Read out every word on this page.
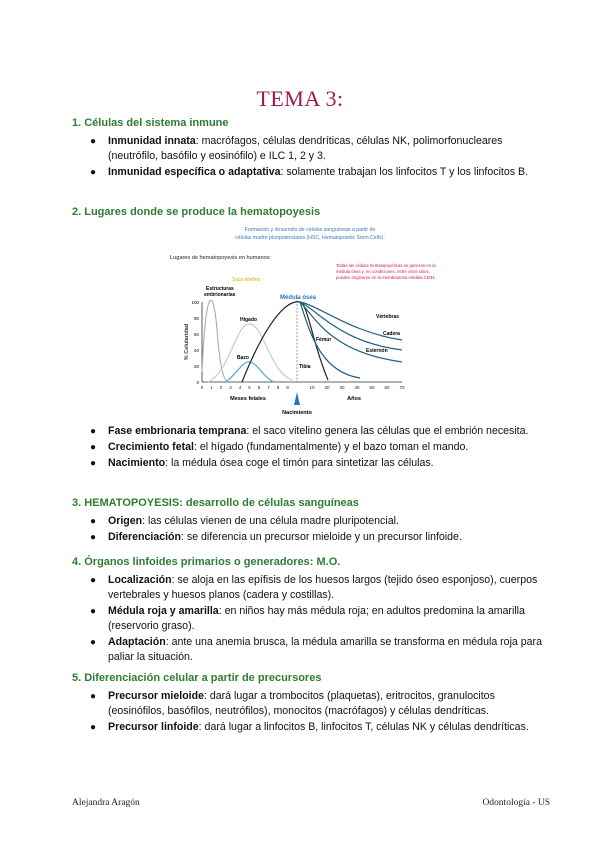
TEMA 3:
1. Células del sistema inmune
● Inmunidad innata: macrófagos, células dendríticas, células NK, polimorfonucleares (neutrófilo, basófilo y eosinófilo) e ILC 1, 2 y 3.
● Inmunidad específica o adaptativa: solamente trabajan los linfocitos T y los linfocitos B.
2. Lugares donde se produce la hematopoyesis
Formación y desarrollo de células sanguíneas a partir de
células madre pluripotenciales (HSC, Hematopoietic Stem Cells).
Lugares de hematopoyesis en humanos:
Todas las células hematopoyéticas se generan en la
médula ósea y, en condiciones, entre otros sitios,
pueden originarse en la membranosa médula CD34.
100
80
60
40
20
0
% Celularidad
0 1 2 3 4 5 6 7 8 9	10 20 30 40 50 60 70
Saco vitelino
Estructuras
embrionarias
Hígado
Bazo
Médula ósea
Vértebras
Cadera
Fémur
Esternón
Tibia
Meses fetales	Años
Nacimiento
● Fase embrionaria temprana: el saco vitelino genera las células que el embrión necesita.
● Crecimiento fetal: el hígado (fundamentalmente) y el bazo toman el mando.
● Nacimiento: la médula ósea coge el timón para sintetizar las células.
3. HEMATOPOYESIS: desarrollo de células sanguíneas
● Origen: las células vienen de una célula madre pluripotencial.
● Diferenciación: se diferencia un precursor mieloide y un precursor linfoide.
4. Órganos linfoides primarios o generadores: M.O.
● Localización: se aloja en las epífisis de los huesos largos (tejido óseo esponjoso), cuerpos vertebrales y huesos planos (cadera y costillas).
● Médula roja y amarilla: en niños hay más médula roja; en adultos predomina la amarilla (reservorio graso).
● Adaptación: ante una anemia brusca, la médula amarilla se transforma en médula roja para paliar la situación.
5. Diferenciación celular a partir de precursores
● Precursor mieloide: dará lugar a trombocitos (plaquetas), eritrocitos, granulocitos (eosinófilos, basófilos, neutrófilos), monocitos (macrófagos) y células dendríticas.
● Precursor linfoide: dará lugar a linfocitos B, linfocitos T, células NK y células dendríticas.
Alejandra Aragón	Odontología - US
